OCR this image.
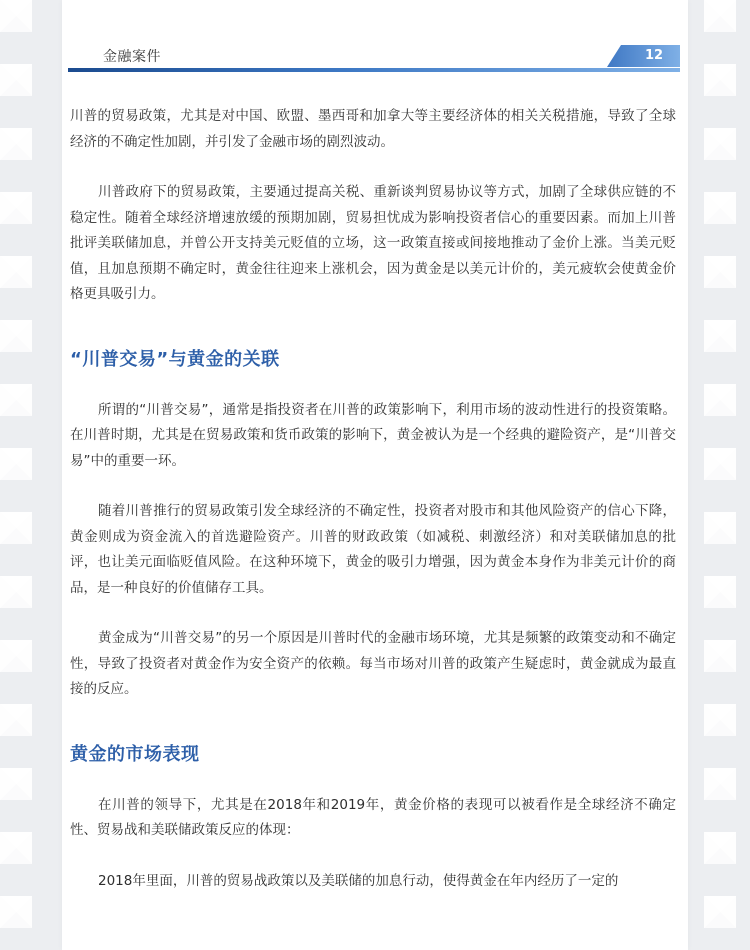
金融案件	12

川普的贸易政策，尤其是对中国、欧盟、墨西哥和加拿大等主要经济体的相关关税措施，导致了全球经济的不确定性加剧，并引发了金融市场的剧烈波动。

川普政府下的贸易政策，主要通过提高关税、重新谈判贸易协议等方式，加剧了全球供应链的不稳定性。随着全球经济增速放缓的预期加剧，贸易担忧成为影响投资者信心的重要因素。而加上川普批评美联储加息，并曾公开支持美元贬值的立场，这一政策直接或间接地推动了金价上涨。当美元贬值，且加息预期不确定时，黄金往往迎来上涨机会，因为黄金是以美元计价的，美元疲软会使黄金价格更具吸引力。

“川普交易”与黄金的关联

所谓的“川普交易”，通常是指投资者在川普的政策影响下，利用市场的波动性进行的投资策略。在川普时期，尤其是在贸易政策和货币政策的影响下，黄金被认为是一个经典的避险资产，是“川普交易”中的重要一环。

随着川普推行的贸易政策引发全球经济的不确定性，投资者对股市和其他风险资产的信心下降，黄金则成为资金流入的首选避险资产。川普的财政政策（如减税、刺激经济）和对美联储加息的批评，也让美元面临贬值风险。在这种环境下，黄金的吸引力增强，因为黄金本身作为非美元计价的商品，是一种良好的价值储存工具。

黄金成为“川普交易”的另一个原因是川普时代的金融市场环境，尤其是频繁的政策变动和不确定性，导致了投资者对黄金作为安全资产的依赖。每当市场对川普的政策产生疑虑时，黄金就成为最直接的反应。

黄金的市场表现

在川普的领导下，尤其是在2018年和2019年，黄金价格的表现可以被看作是全球经济不确定性、贸易战和美联储政策反应的体现：

2018年里面，川普的贸易战政策以及美联储的加息行动，使得黄金在年内经历了一定的
